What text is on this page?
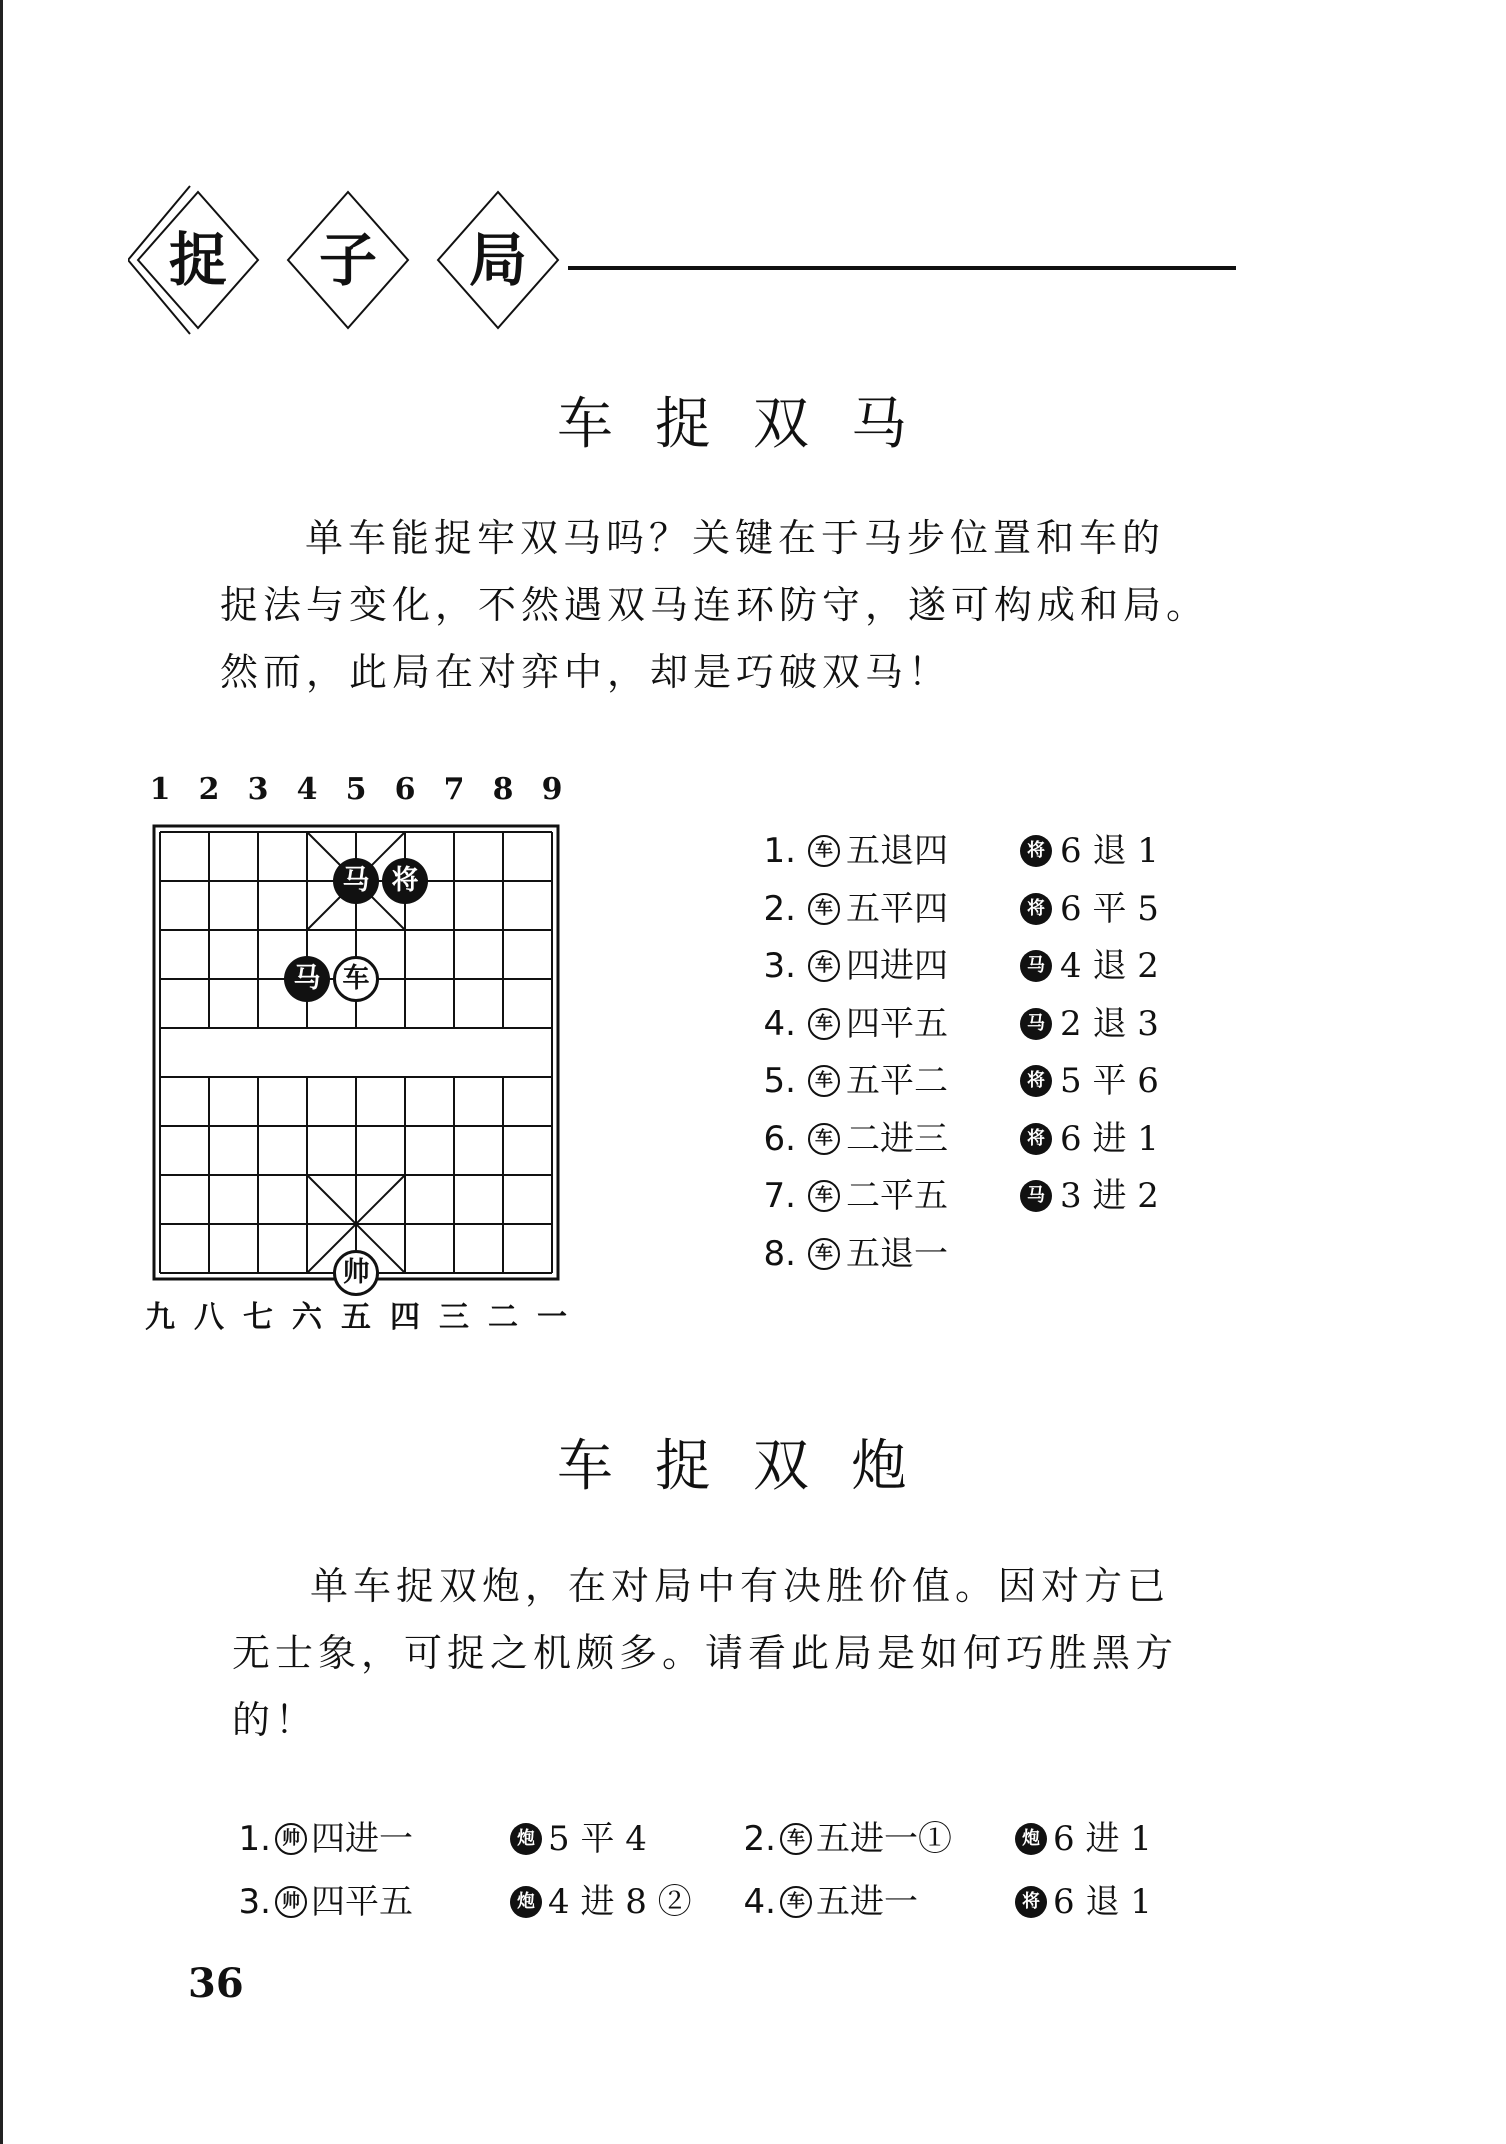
捉 子 局
车捉双马
单车能捉牢双马吗？关键在于马步位置和车的
捉法与变化，不然遇双马连环防守，遂可构成和局。
然而，此局在对弈中，却是巧破双马！
1 2 3 4 5 6 7 8 9
九 八 七 六 五 四 三 二 一
1.	车 五退四	将 6 退 1
2.	车 五平四	将 6 平 5
3.	车 四进四	马 4 退 2
4.	车 四平五	马 2 退 3
5.	车 五平二	将 5 平 6
6.	车 二进三	将 6 进 1
7.	车 二平五	马 3 进 2
8.	车 五退一
车捉双炮
单车捉双炮，在对局中有决胜价值。因对方已
无士象，可捉之机颇多。请看此局是如何巧胜黑方
的！
1. 帅 四进一	炮 5 平 4	2. 车 五进一①	炮 6 进 1
3. 帅 四平五	炮 4 进 8 ②	4. 车 五进一	将 6 退 1
36
马 将
马 车
帅
